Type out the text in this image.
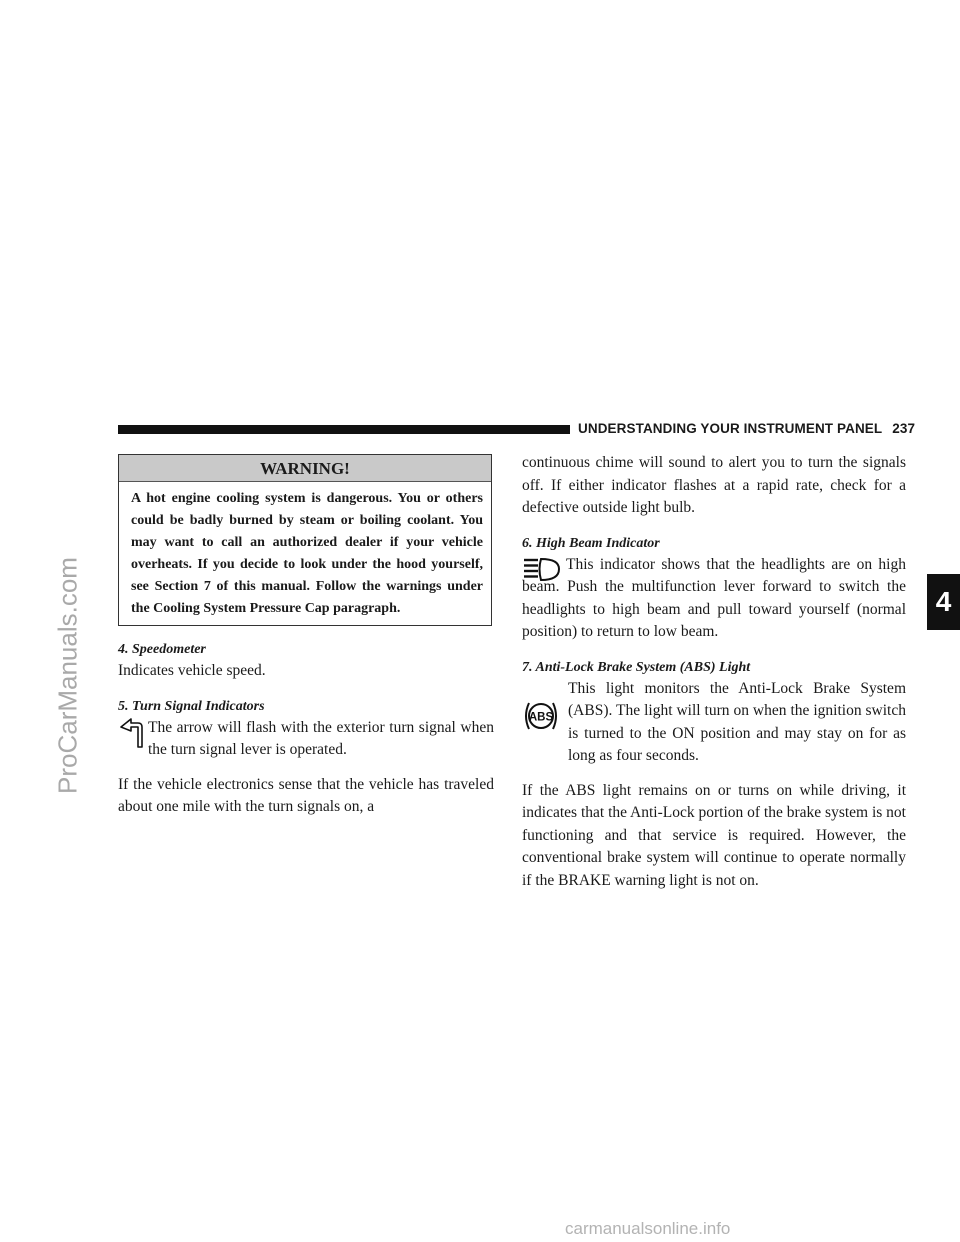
UNDERSTANDING YOUR INSTRUMENT PANEL 237
ProCarManuals.com	4
WARNING!
A hot engine cooling system is dangerous. You or others could be badly burned by steam or boiling coolant. You may want to call an authorized dealer if your vehicle overheats. If you decide to look under the hood yourself, see Section 7 of this manual. Follow the warnings under the Cooling System Pressure Cap paragraph.
4. Speedometer

Indicates vehicle speed.

5. Turn Signal Indicators

The arrow will flash with the exterior turn signal when the turn signal lever is operated.

If the vehicle electronics sense that the vehicle has traveled about one mile with the turn signals on, a

continuous chime will sound to alert you to turn the signals off. If either indicator flashes at a rapid rate, check for a defective outside light bulb.

6. High Beam Indicator

This indicator shows that the headlights are on high beam. Push the multifunction lever forward to switch the headlights to high beam and pull toward yourself (normal position) to return to low beam.

7. Anti-Lock Brake System (ABS) Light
ABS

This light monitors the Anti-Lock Brake System (ABS). The light will turn on when the ignition switch is turned to the ON position and may stay on for as long as four seconds.

If the ABS light remains on or turns on while driving, it indicates that the Anti-Lock portion of the brake system is not functioning and that service is required. However, the conventional brake system will continue to operate normally if the BRAKE warning light is not on.

carmanualsonline.info
